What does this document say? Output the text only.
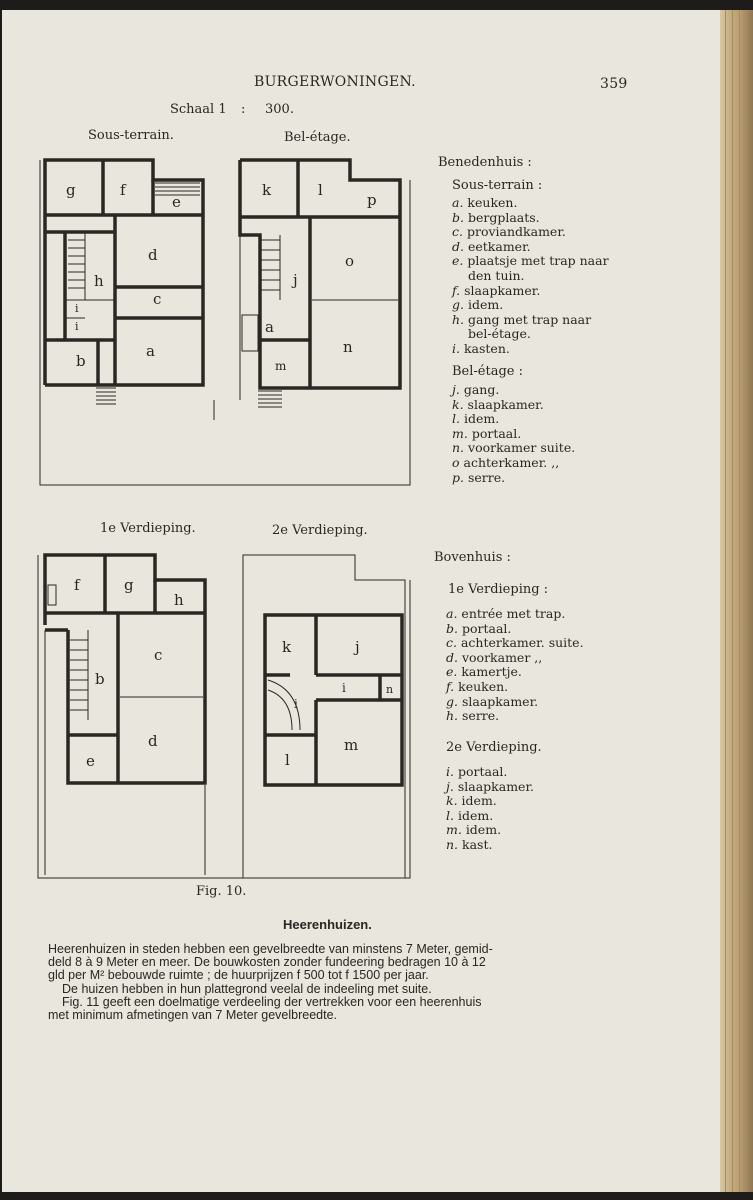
BURGERWONINGEN.	359
Schaal 1 : 300.
Sous-terrain.	Bel-étage.
g	f
e
d
h
c
i
i
b
a
k	l
p
o
j
a
n
m
Benedenhuis :
Sous-terrain :
a. keuken.
b. bergplaats.
c. proviandkamer.
d. eetkamer.
e. plaatsje met trap naar
den tuin.
f. slaapkamer.
g. idem.
h. gang met trap naar
bel-étage.
i. kasten.
Bel-étage :
j. gang.
k. slaapkamer.
l. idem.
m. portaal.
n. voorkamer suite.
o achterkamer. ,,
p. serre.
1e Verdieping.	2e Verdieping.
f	g
h
c
b
d
e
k	j
i	n
i
m
l
Bovenhuis :
1e Verdieping :
a. entrée met trap.
b. portaal.
c. achterkamer. suite.
d. voorkamer ,,
e. kamertje.
f. keuken.
g. slaapkamer.
h. serre.
2e Verdieping.
i. portaal.
j. slaapkamer.
k. idem.
l. idem.
m. idem.
n. kast.
Fig. 10.
Heerenhuizen.
Heerenhuizen in steden hebben een gevelbreedte van minstens 7 Meter, gemid-
deld 8 à 9 Meter en meer. De bouwkosten zonder fundeering bedragen 10 à 12
gld per M² bebouwde ruimte ; de huurprijzen f 500 tot f 1500 per jaar.
De huizen hebben in hun plattegrond veelal de indeeling met suite.
Fig. 11 geeft een doelmatige verdeeling der vertrekken voor een heerenhuis
met minimum afmetingen van 7 Meter gevelbreedte.
